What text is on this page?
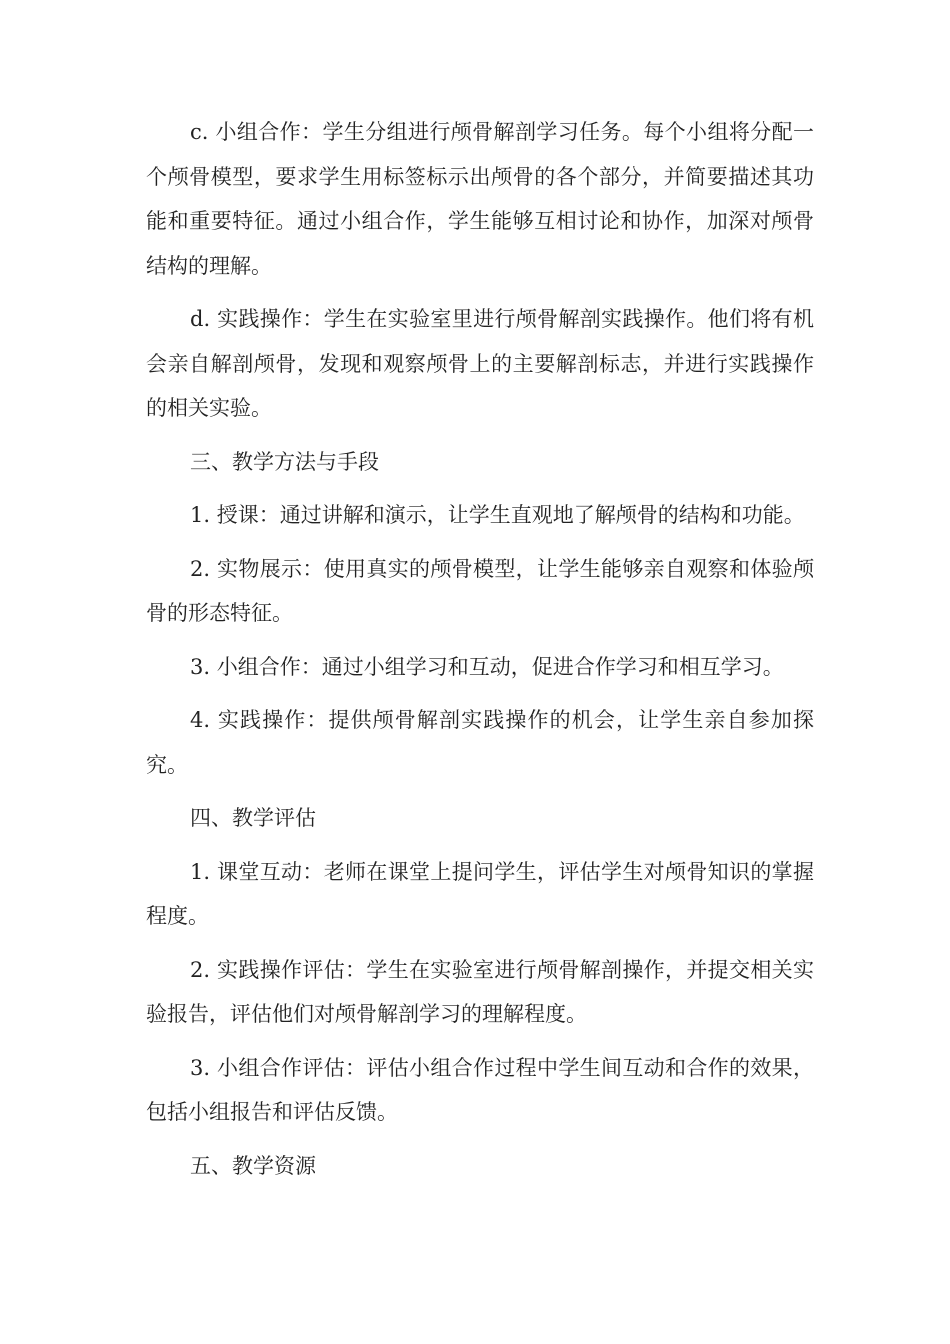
c. 小组合作：学生分组进行颅骨解剖学习任务。每个小组将分配一个颅骨模型，要求学生用标签标示出颅骨的各个部分，并简要描述其功能和重要特征。通过小组合作，学生能够互相讨论和协作，加深对颅骨结构的理解。

d. 实践操作：学生在实验室里进行颅骨解剖实践操作。他们将有机会亲自解剖颅骨，发现和观察颅骨上的主要解剖标志，并进行实践操作的相关实验。

三、教学方法与手段

1. 授课：通过讲解和演示，让学生直观地了解颅骨的结构和功能。

2. 实物展示：使用真实的颅骨模型，让学生能够亲自观察和体验颅骨的形态特征。

3. 小组合作：通过小组学习和互动，促进合作学习和相互学习。

4. 实践操作：提供颅骨解剖实践操作的机会，让学生亲自参加探究。

四、教学评估

1. 课堂互动：老师在课堂上提问学生，评估学生对颅骨知识的掌握程度。

2. 实践操作评估：学生在实验室进行颅骨解剖操作，并提交相关实验报告，评估他们对颅骨解剖学习的理解程度。

3. 小组合作评估：评估小组合作过程中学生间互动和合作的效果，包括小组报告和评估反馈。

五、教学资源
